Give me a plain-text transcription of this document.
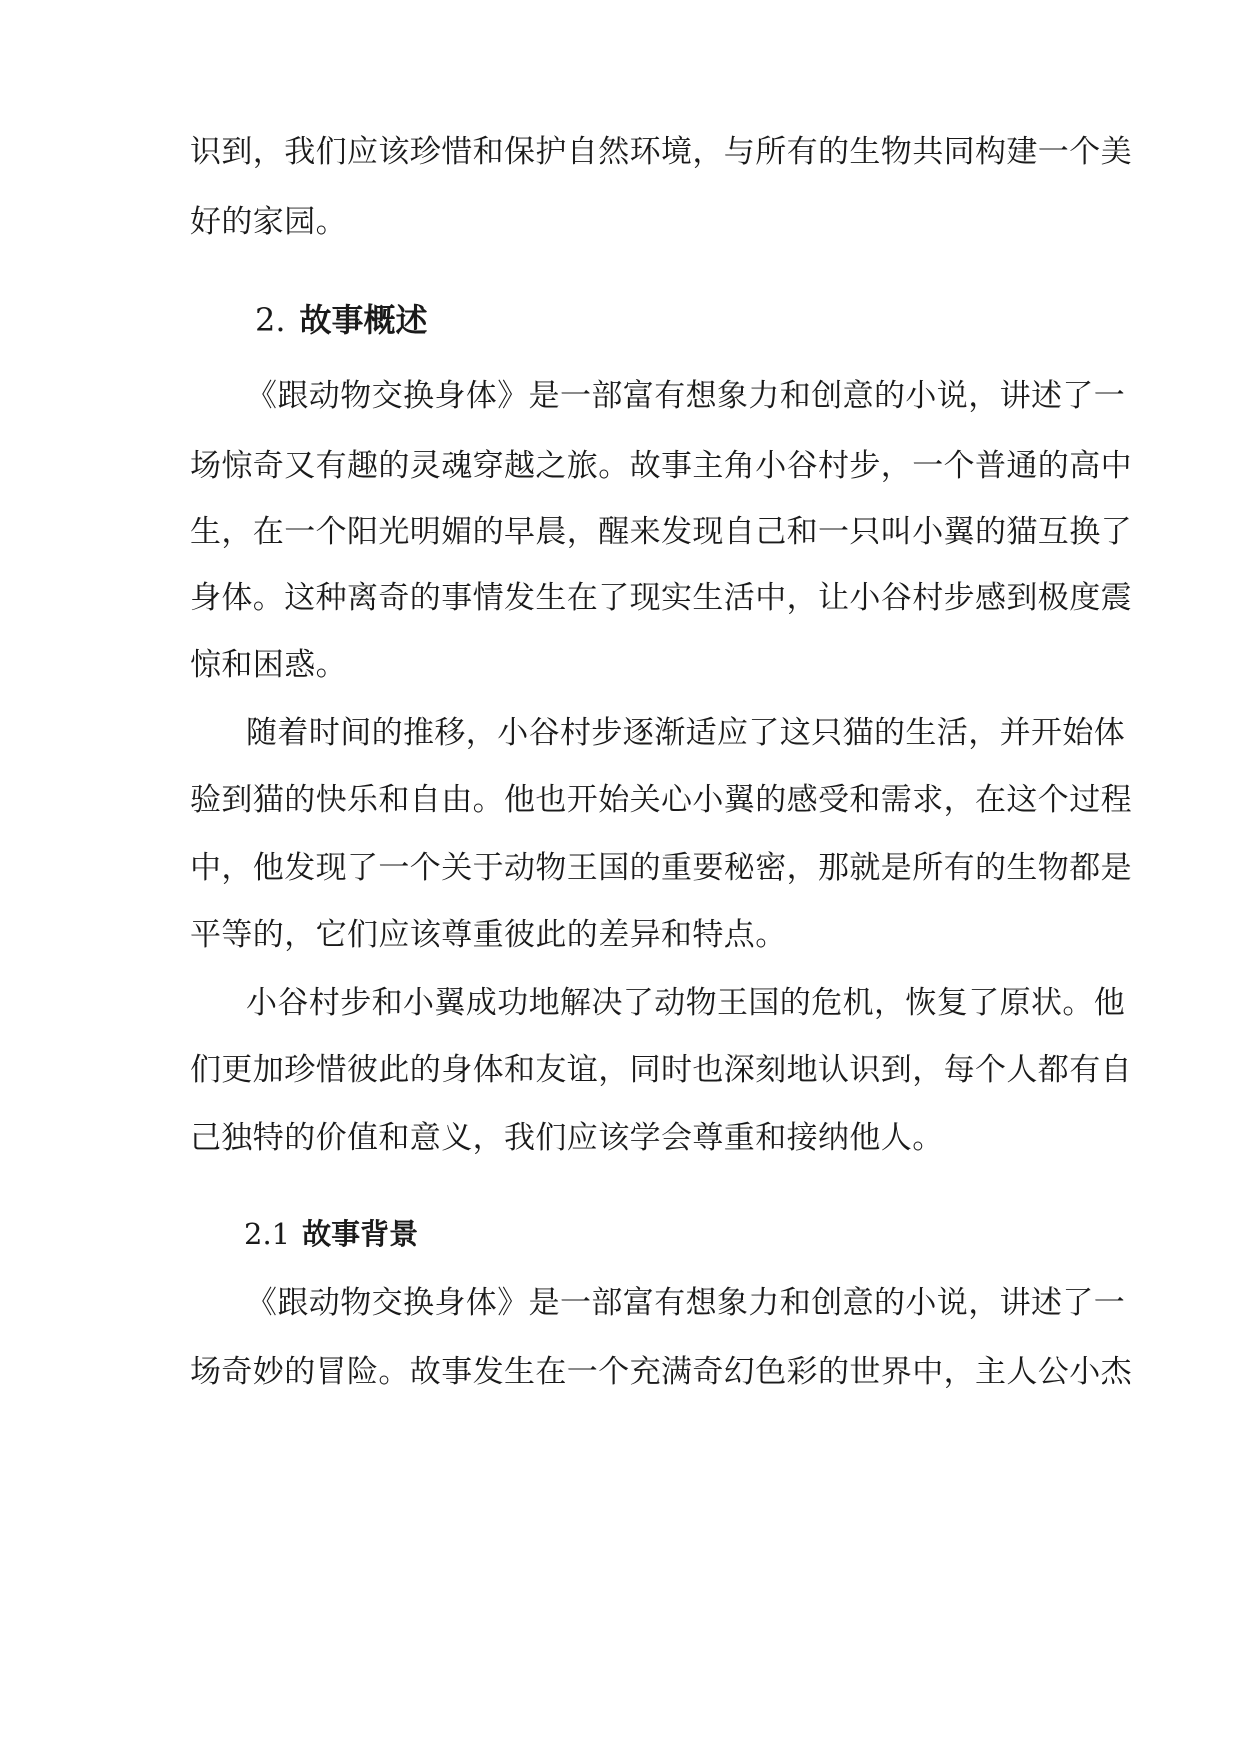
识到，我们应该珍惜和保护自然环境，与所有的生物共同构建一个美
好的家园。
2. 故事概述
《跟动物交换身体》是一部富有想象力和创意的小说，讲述了一
场惊奇又有趣的灵魂穿越之旅。故事主角小谷村步，一个普通的高中
生，在一个阳光明媚的早晨，醒来发现自己和一只叫小翼的猫互换了
身体。这种离奇的事情发生在了现实生活中，让小谷村步感到极度震
惊和困惑。
随着时间的推移，小谷村步逐渐适应了这只猫的生活，并开始体
验到猫的快乐和自由。他也开始关心小翼的感受和需求，在这个过程
中，他发现了一个关于动物王国的重要秘密，那就是所有的生物都是
平等的，它们应该尊重彼此的差异和特点。
小谷村步和小翼成功地解决了动物王国的危机，恢复了原状。他
们更加珍惜彼此的身体和友谊，同时也深刻地认识到，每个人都有自
己独特的价值和意义，我们应该学会尊重和接纳他人。
2.1 故事背景
《跟动物交换身体》是一部富有想象力和创意的小说，讲述了一
场奇妙的冒险。故事发生在一个充满奇幻色彩的世界中，主人公小杰
